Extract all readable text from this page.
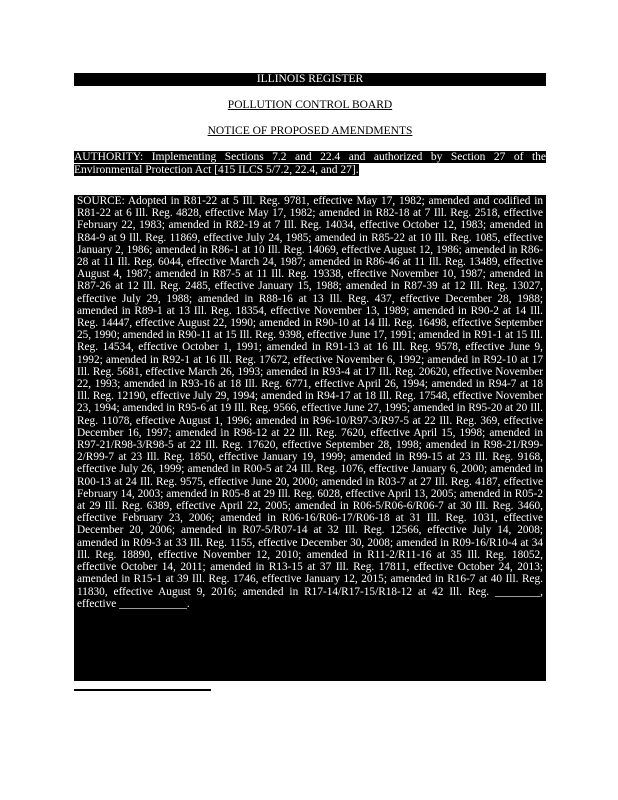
ILLINOIS REGISTER
POLLUTION CONTROL BOARD
NOTICE OF PROPOSED AMENDMENTS

AUTHORITY: Implementing Sections 7.2 and 22.4 and authorized by Section 27 of the Environmental Protection Act [415 ILCS 5/7.2, 22.4, and 27].

SOURCE: Adopted in R81-22 at 5 Ill. Reg. 9781, effective May 17, 1982; amended and codified in R81-22 at 6 Ill. Reg. 4828, effective May 17, 1982; amended in R82-18 at 7 Ill. Reg. 2518, effective February 22, 1983; amended in R82-19 at 7 Ill. Reg. 14034, effective October 12, 1983; amended in R84-9 at 9 Ill. Reg. 11869, effective July 24, 1985; amended in R85-22 at 10 Ill. Reg. 1085, effective January 2, 1986; amended in R86-1 at 10 Ill. Reg. 14069, effective August 12, 1986; amended in R86-28 at 11 Ill. Reg. 6044, effective March 24, 1987; amended in R86-46 at 11 Ill. Reg. 13489, effective August 4, 1987; amended in R87-5 at 11 Ill. Reg. 19338, effective November 10, 1987; amended in R87-26 at 12 Ill. Reg. 2485, effective January 15, 1988; amended in R87-39 at 12 Ill. Reg. 13027, effective July 29, 1988; amended in R88-16 at 13 Ill. Reg. 437, effective December 28, 1988; amended in R89-1 at 13 Ill. Reg. 18354, effective November 13, 1989; amended in R90-2 at 14 Ill. Reg. 14447, effective August 22, 1990; amended in R90-10 at 14 Ill. Reg. 16498, effective September 25, 1990; amended in R90-11 at 15 Ill. Reg. 9398, effective June 17, 1991; amended in R91-1 at 15 Ill. Reg. 14534, effective October 1, 1991; amended in R91-13 at 16 Ill. Reg. 9578, effective June 9, 1992; amended in R92-1 at 16 Ill. Reg. 17672, effective November 6, 1992; amended in R92-10 at 17 Ill. Reg. 5681, effective March 26, 1993; amended in R93-4 at 17 Ill. Reg. 20620, effective November 22, 1993; amended in R93-16 at 18 Ill. Reg. 6771, effective April 26, 1994; amended in R94-7 at 18 Ill. Reg. 12190, effective July 29, 1994; amended in R94-17 at 18 Ill. Reg. 17548, effective November 23, 1994; amended in R95-6 at 19 Ill. Reg. 9566, effective June 27, 1995; amended in R95-20 at 20 Ill. Reg. 11078, effective August 1, 1996; amended in R96-10/R97-3/R97-5 at 22 Ill. Reg. 369, effective December 16, 1997; amended in R98-12 at 22 Ill. Reg. 7620, effective April 15, 1998; amended in R97-21/R98-3/R98-5 at 22 Ill. Reg. 17620, effective September 28, 1998; amended in R98-21/R99-2/R99-7 at 23 Ill. Reg. 1850, effective January 19, 1999; amended in R99-15 at 23 Ill. Reg. 9168, effective July 26, 1999; amended in R00-5 at 24 Ill. Reg. 1076, effective January 6, 2000; amended in R00-13 at 24 Ill. Reg. 9575, effective June 20, 2000; amended in R03-7 at 27 Ill. Reg. 4187, effective February 14, 2003; amended in R05-8 at 29 Ill. Reg. 6028, effective April 13, 2005; amended in R05-2 at 29 Ill. Reg. 6389, effective April 22, 2005; amended in R06-5/R06-6/R06-7 at 30 Ill. Reg. 3460, effective February 23, 2006; amended in R06-16/R06-17/R06-18 at 31 Ill. Reg. 1031, effective December 20, 2006; amended in R07-5/R07-14 at 32 Ill. Reg. 12566, effective July 14, 2008; amended in R09-3 at 33 Ill. Reg. 1155, effective December 30, 2008; amended in R09-16/R10-4 at 34 Ill. Reg. 18890, effective November 12, 2010; amended in R11-2/R11-16 at 35 Ill. Reg. 18052, effective October 14, 2011; amended in R13-15 at 37 Ill. Reg. 17811, effective October 24, 2013; amended in R15-1 at 39 Ill. Reg. 1746, effective January 12, 2015; amended in R16-7 at 40 Ill. Reg. 11830, effective August 9, 2016; amended in R17-14/R17-15/R18-12 at 42 Ill. Reg. ________, effective ____________.
